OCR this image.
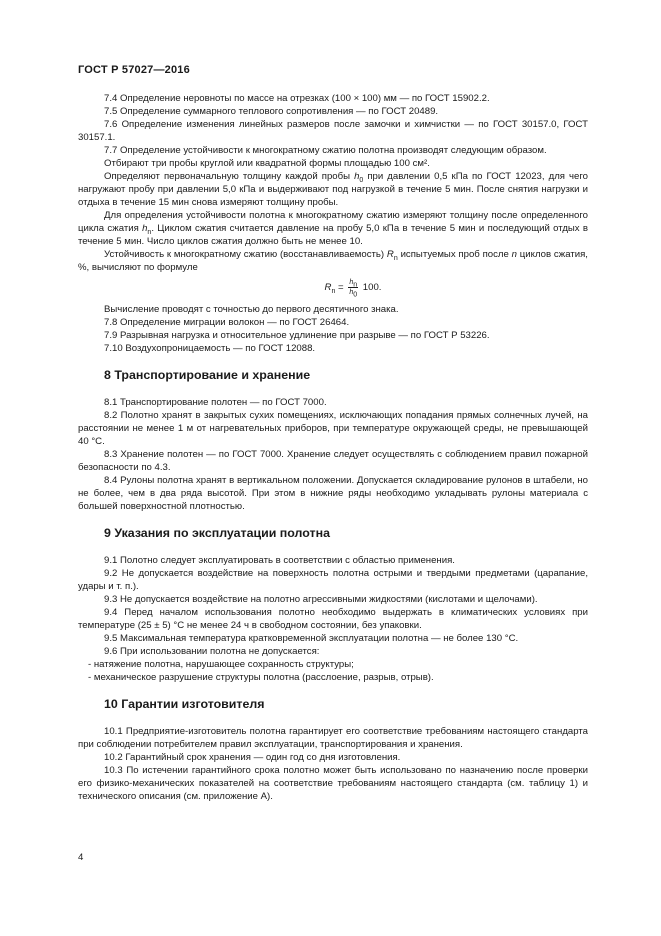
ГОСТ Р 57027—2016

7.4 Определение неровноты по массе на отрезках (100 × 100) мм — по ГОСТ 15902.2.

7.5 Определение суммарного теплового сопротивления — по ГОСТ 20489.

7.6 Определение изменения линейных размеров после замочки и химчистки — по ГОСТ 30157.0, ГОСТ 30157.1.

7.7 Определение устойчивости к многократному сжатию полотна производят следующим образом.

Отбирают три пробы круглой или квадратной формы площадью 100 см².

Определяют первоначальную толщину каждой пробы $h_0$ при давлении 0,5 кПа по ГОСТ 12023, для чего нагружают пробу при давлении 5,0 кПа и выдерживают под нагрузкой в течение 5 мин. После снятия нагрузки и отдыха в течение 15 мин снова измеряют толщину пробы.

Для определения устойчивости полотна к многократному сжатию измеряют толщину после определенного цикла сжатия $h_n$. Циклом сжатия считается давление на пробу 5,0 кПа в течение 5 мин и последующий отдых в течение 5 мин. Число циклов сжатия должно быть не менее 10.

Устойчивость к многократному сжатию (восстанавливаемость) $R_n$ испытуемых проб после n циклов сжатия, %, вычисляют по формуле

$R_n = \frac{h_n}{h_0} 100$.

Вычисление проводят с точностью до первого десятичного знака.

7.8 Определение миграции волокон — по ГОСТ 26464.

7.9 Разрывная нагрузка и относительное удлинение при разрыве — по ГОСТ Р 53226.

7.10 Воздухопроницаемость — по ГОСТ 12088.

8 Транспортирование и хранение

8.1 Транспортирование полотен — по ГОСТ 7000.

8.2 Полотно хранят в закрытых сухих помещениях, исключающих попадания прямых солнечных лучей, на расстоянии не менее 1 м от нагревательных приборов, при температуре окружающей среды, не превышающей 40 °С.

8.3 Хранение полотен — по ГОСТ 7000. Хранение следует осуществлять с соблюдением правил пожарной безопасности по 4.3.

8.4 Рулоны полотна хранят в вертикальном положении. Допускается складирование рулонов в штабели, но не более, чем в два ряда высотой. При этом в нижние ряды необходимо укладывать рулоны материала с большей поверхностной плотностью.

9 Указания по эксплуатации полотна

9.1 Полотно следует эксплуатировать в соответствии с областью применения.

9.2 Не допускается воздействие на поверхность полотна острыми и твердыми предметами (царапание, удары и т. п.).

9.3 Не допускается воздействие на полотно агрессивными жидкостями (кислотами и щелочами).

9.4 Перед началом использования полотно необходимо выдержать в климатических условиях при температуре (25 ± 5) °С не менее 24 ч в свободном состоянии, без упаковки.

9.5 Максимальная температура кратковременной эксплуатации полотна — не более 130 °С.

9.6 При использовании полотна не допускается:

- натяжение полотна, нарушающее сохранность структуры;

- механическое разрушение структуры полотна (расслоение, разрыв, отрыв).

10 Гарантии изготовителя

10.1 Предприятие-изготовитель полотна гарантирует его соответствие требованиям настоящего стандарта при соблюдении потребителем правил эксплуатации, транспортирования и хранения.

10.2 Гарантийный срок хранения — один год со дня изготовления.

10.3 По истечении гарантийного срока полотно может быть использовано по назначению после проверки его физико-механических показателей на соответствие требованиям настоящего стандарта (см. таблицу 1) и технического описания (см. приложение А).

4
